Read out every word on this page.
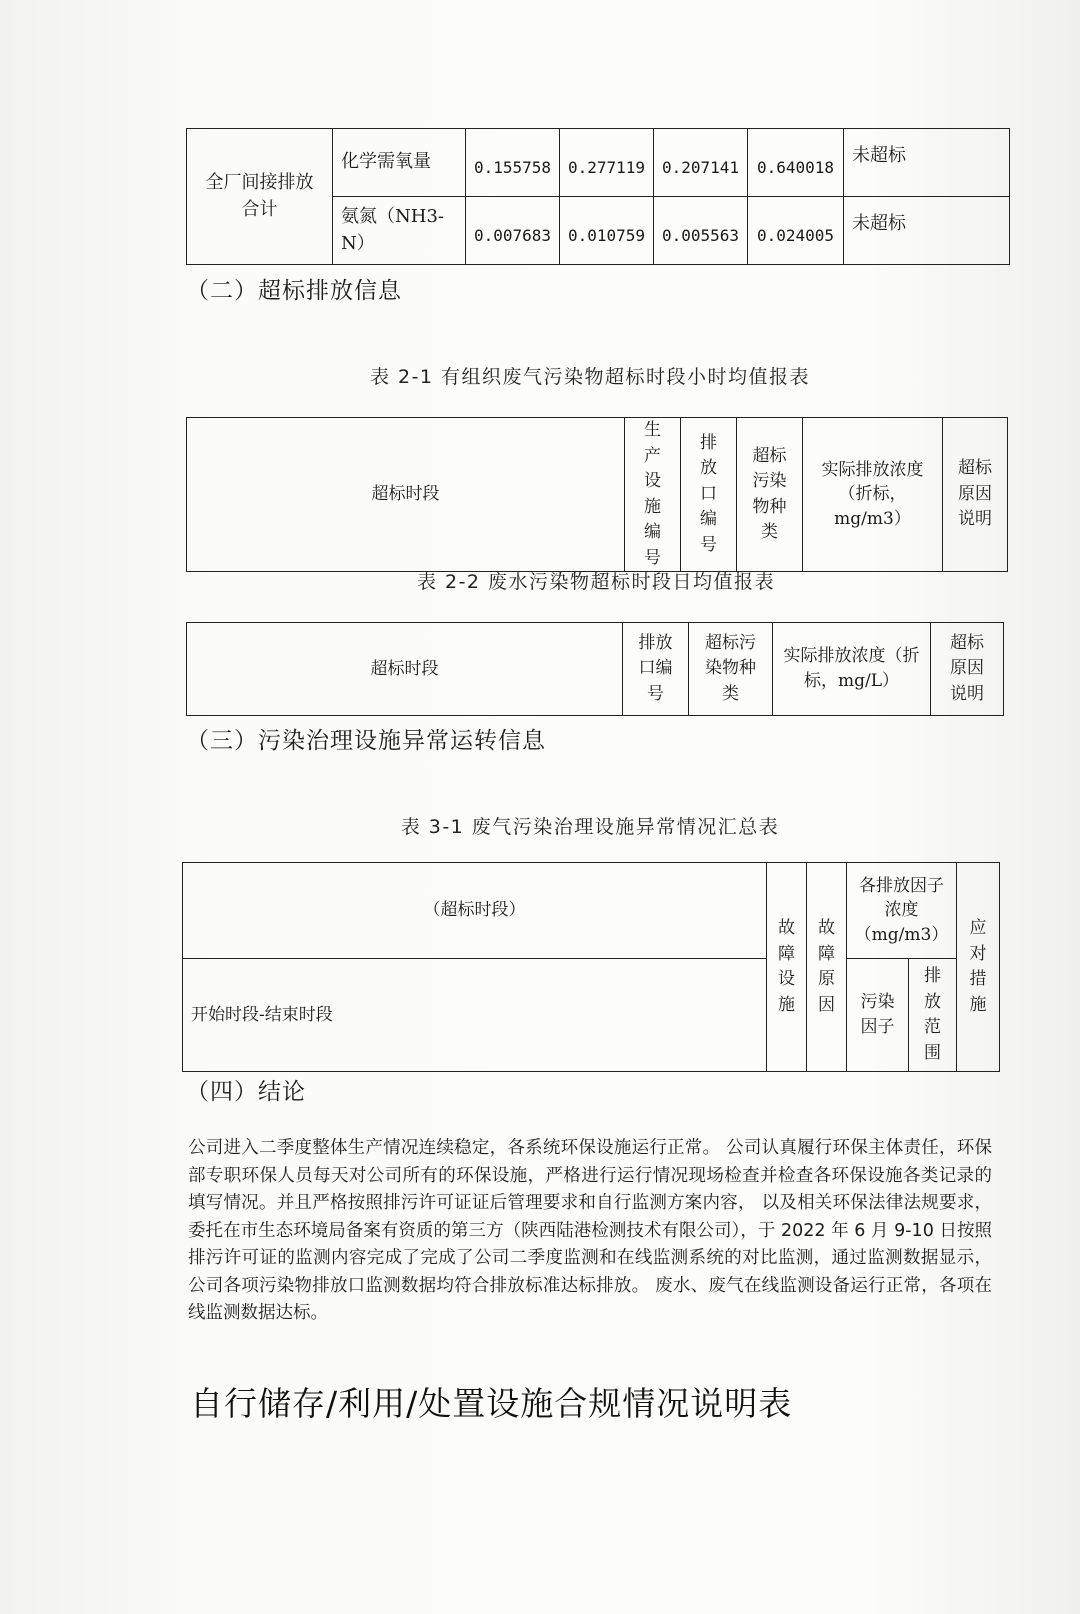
全厂间接排放
合计	化学需氧量	0.155758	0.277119	0.207141	0.640018	未超标
	氨氮（NH3-N）	0.007683	0.010759	0.005563	0.024005	未超标
（二）超标排放信息
表 2-1 有组织废气污染物超标时段小时均值报表
超标时段	生产设施编号	排放口编号	超标污染物种类	实际排放浓度（折标，mg/m3）	超标原因说明
表 2-2 废水污染物超标时段日均值报表
超标时段	排放口编号	超标污染物种类	实际排放浓度（折标，mg/L）	超标原因说明
（三）污染治理设施异常运转信息
表 3-1 废气污染治理设施异常情况汇总表
（超标时段）	故障设施	故障原因	各排放因子浓度（mg/m3）		应对措施
开始时段-结束时段			污染因子	排放范围	
（四）结论
公司进入二季度整体生产情况连续稳定，各系统环保设施运行正常。 公司认真履行环保主体责任，环保部专职环保人员每天对公司所有的环保设施，严格进行运行情况现场检查并检查各环保设施各类记录的填写情况。并且严格按照排污许可证证后管理要求和自行监测方案内容， 以及相关环保法律法规要求，委托在市生态环境局备案有资质的第三方（陕西陆港检测技术有限公司），于 2022 年 6 月 9-10 日按照排污许可证的监测内容完成了完成了公司二季度监测和在线监测系统的对比监测，通过监测数据显示，公司各项污染物排放口监测数据均符合排放标准达标排放。 废水、废气在线监测设备运行正常，各项在线监测数据达标。
自行储存/利用/处置设施合规情况说明表
